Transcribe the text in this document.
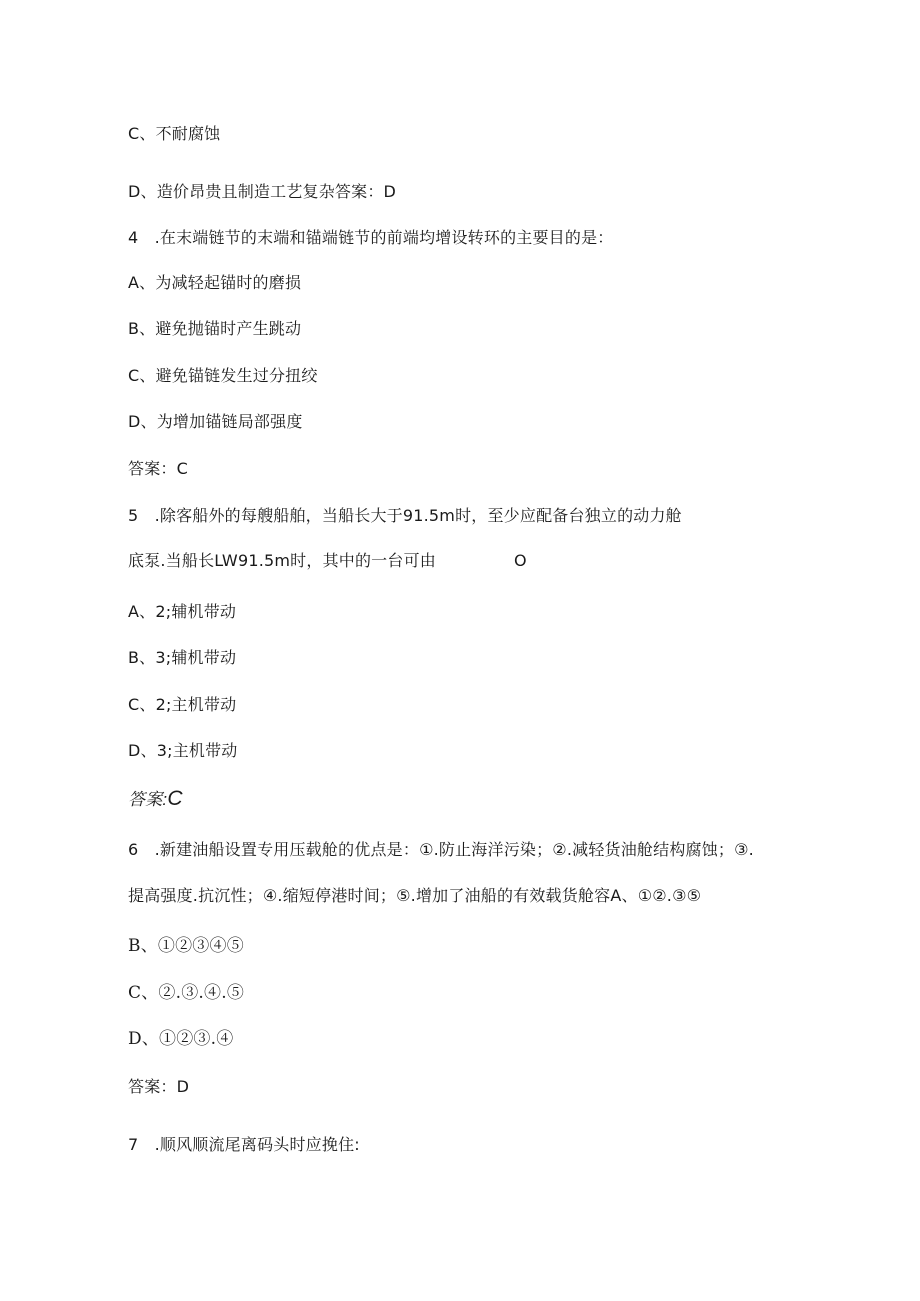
C、不耐腐蚀
D、造价昂贵且制造工艺复杂答案：D
4　.在末端链节的末端和锚端链节的前端均增设转环的主要目的是：
A、为减轻起锚时的磨损
B、避免抛锚时产生跳动
C、避免锚链发生过分扭绞
D、为增加锚链局部强度
答案：C
5　.除客船外的每艘船舶，当船长大于91.5m时，至少应配备台独立的动力舱
底泵.当船长LW91.5m时，其中的一台可由	O
A、2;辅机带动
B、3;辅机带动
C、2;主机带动
D、3;主机带动
答案:C
6　.新建油船设置专用压载舱的优点是：①.防止海洋污染；②.减轻货油舱结构腐蚀；③.
提高强度.抗沉性；④.缩短停港时间；⑤.增加了油船的有效载货舱容A、①②.③⑤
B、①②③④⑤
C、②.③.④.⑤
D、①②③.④
答案：D
7　.顺风顺流尾离码头时应挽住:
